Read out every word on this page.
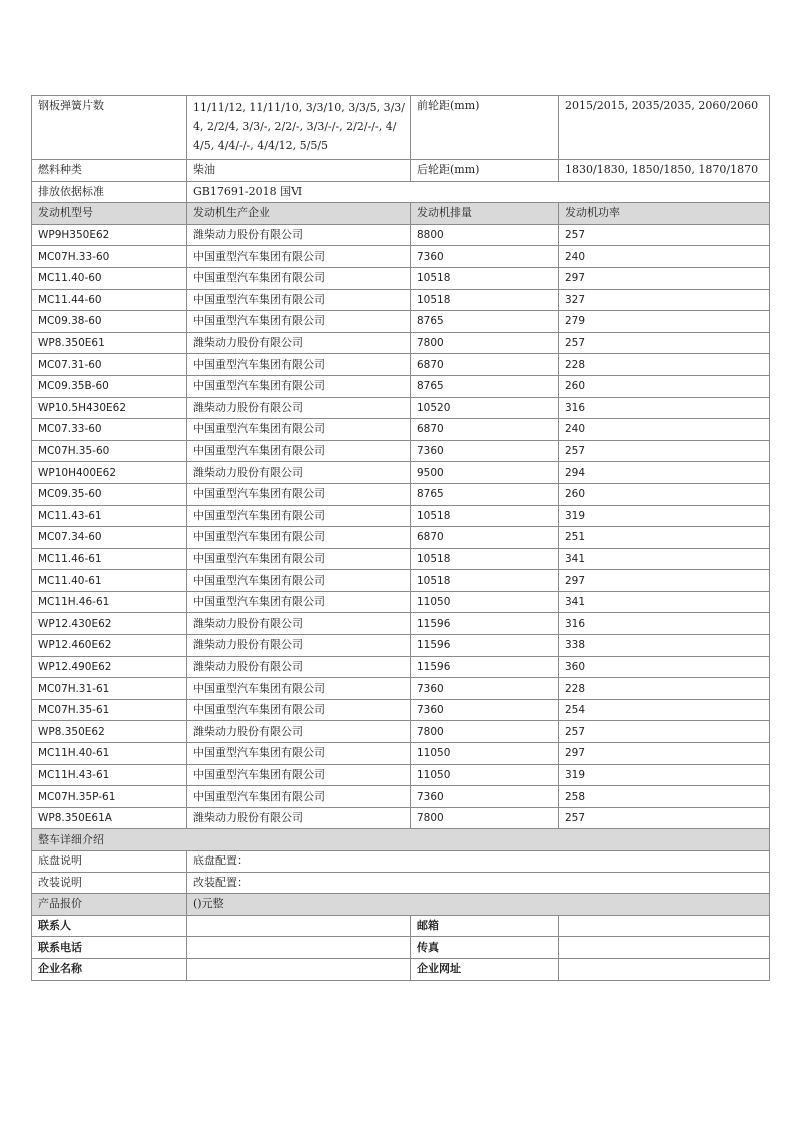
钢板弹簧片数	11/11/12, 11/11/10, 3/3/10, 3/3/5, 3/3/4, 2/2/4, 3/3/-, 2/2/-, 3/3/-/-, 2/2/-/-, 4/4/5, 4/4/-/-, 4/4/12, 5/5/5	前轮距(mm)	2015/2015, 2035/2035, 2060/2060
燃料种类	柴油	后轮距(mm)	1830/1830, 1850/1850, 1870/1870
排放依据标准	GB17691-2018 国Ⅵ		
发动机型号	发动机生产企业	发动机排量	发动机功率
WP9H350E62	潍柴动力股份有限公司	8800	257
MC07H.33-60	中国重型汽车集团有限公司	7360	240
MC11.40-60	中国重型汽车集团有限公司	10518	297
MC11.44-60	中国重型汽车集团有限公司	10518	327
MC09.38-60	中国重型汽车集团有限公司	8765	279
WP8.350E61	潍柴动力股份有限公司	7800	257
MC07.31-60	中国重型汽车集团有限公司	6870	228
MC09.35B-60	中国重型汽车集团有限公司	8765	260
WP10.5H430E62	潍柴动力股份有限公司	10520	316
MC07.33-60	中国重型汽车集团有限公司	6870	240
MC07H.35-60	中国重型汽车集团有限公司	7360	257
WP10H400E62	潍柴动力股份有限公司	9500	294
MC09.35-60	中国重型汽车集团有限公司	8765	260
MC11.43-61	中国重型汽车集团有限公司	10518	319
MC07.34-60	中国重型汽车集团有限公司	6870	251
MC11.46-61	中国重型汽车集团有限公司	10518	341
MC11.40-61	中国重型汽车集团有限公司	10518	297
MC11H.46-61	中国重型汽车集团有限公司	11050	341
WP12.430E62	潍柴动力股份有限公司	11596	316
WP12.460E62	潍柴动力股份有限公司	11596	338
WP12.490E62	潍柴动力股份有限公司	11596	360
MC07H.31-61	中国重型汽车集团有限公司	7360	228
MC07H.35-61	中国重型汽车集团有限公司	7360	254
WP8.350E62	潍柴动力股份有限公司	7800	257
MC11H.40-61	中国重型汽车集团有限公司	11050	297
MC11H.43-61	中国重型汽车集团有限公司	11050	319
MC07H.35P-61	中国重型汽车集团有限公司	7360	258
WP8.350E61A	潍柴动力股份有限公司	7800	257
整车详细介绍			
底盘说明	底盘配置：		
改装说明	改装配置：		
产品报价	()元整		
联系人		邮箱	
联系电话		传真	
企业名称		企业网址	
